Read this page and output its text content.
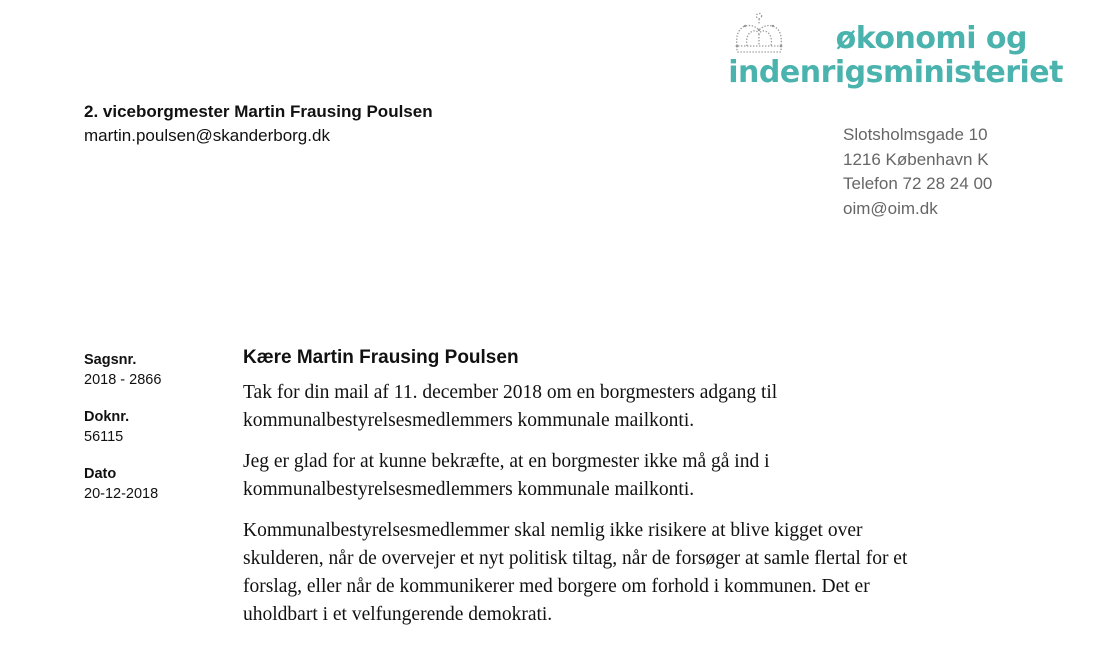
økonomi og
indenrigsministeriet
2. viceborgmester Martin Frausing Poulsen
martin.poulsen@skanderborg.dk	Slotsholmsgade 10
1216 København K
Telefon 72 28 24 00
oim@oim.dk
Sagsnr.
2018 - 2866
Doknr.
56115
Dato
20-12-2018
Kære Martin Frausing Poulsen
Tak for din mail af 11. december 2018 om en borgmesters adgang til
kommunalbestyrelsesmedlemmers kommunale mailkonti.
Jeg er glad for at kunne bekræfte, at en borgmester ikke må gå ind i
kommunalbestyrelsesmedlemmers kommunale mailkonti.
Kommunalbestyrelsesmedlemmer skal nemlig ikke risikere at blive kigget over
skulderen, når de overvejer et nyt politisk tiltag, når de forsøger at samle flertal for et
forslag, eller når de kommunikerer med borgere om forhold i kommunen. Det er
uholdbart i et velfungerende demokrati.
